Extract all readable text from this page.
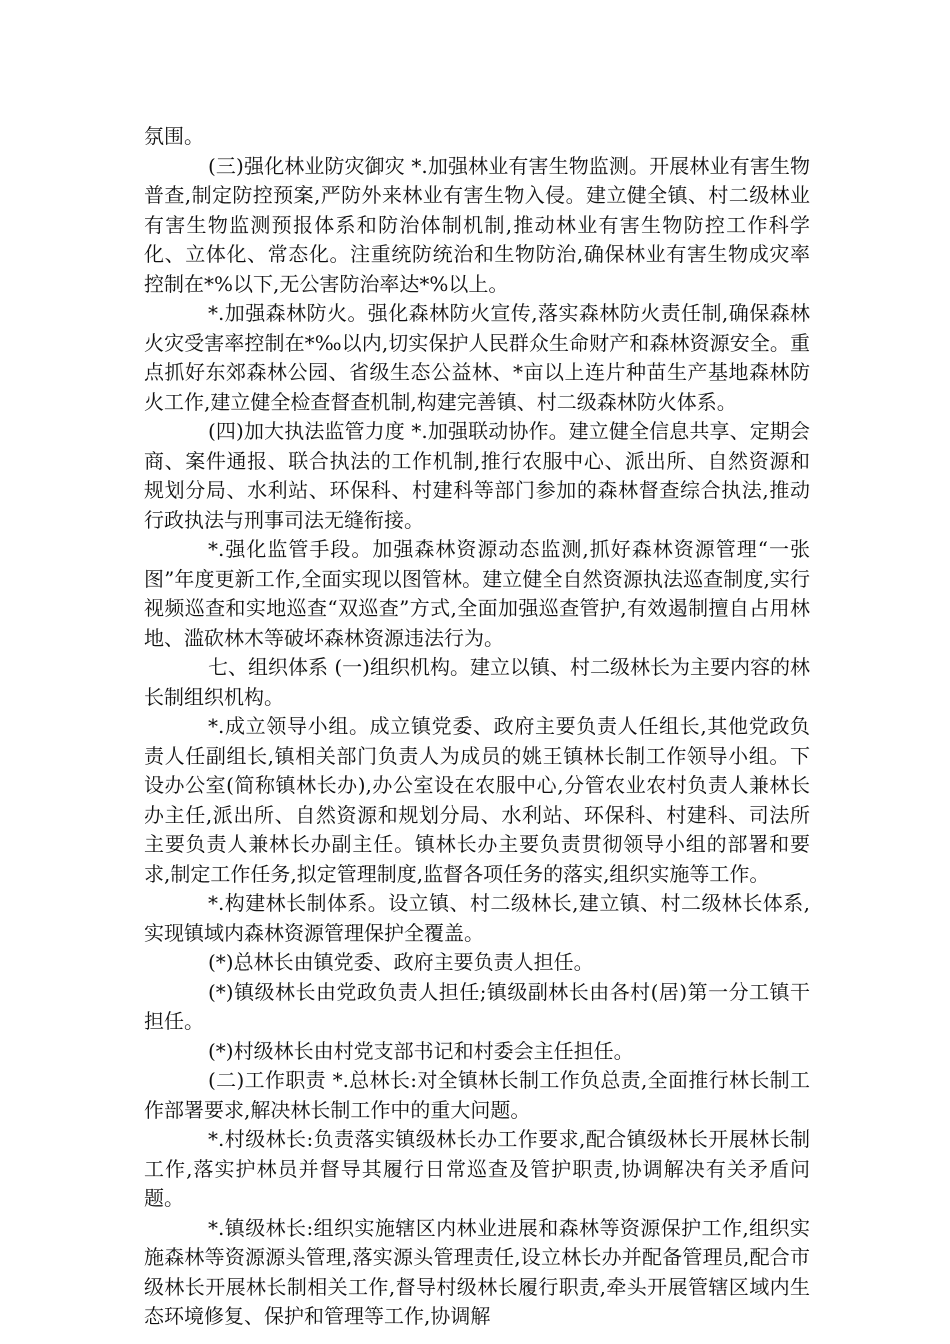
氛围。

(三)强化林业防灾御灾 *.加强林业有害生物监测。开展林业有害生物普查,制定防控预案,严防外来林业有害生物入侵。建立健全镇、村二级林业有害生物监测预报体系和防治体制机制,推动林业有害生物防控工作科学化、立体化、常态化。注重统防统治和生物防治,确保林业有害生物成灾率控制在*%以下,无公害防治率达*%以上。

*.加强森林防火。强化森林防火宣传,落实森林防火责任制,确保森林火灾受害率控制在*‰以内,切实保护人民群众生命财产和森林资源安全。重点抓好东郊森林公园、省级生态公益林、*亩以上连片种苗生产基地森林防火工作,建立健全检查督查机制,构建完善镇、村二级森林防火体系。

(四)加大执法监管力度 *.加强联动协作。建立健全信息共享、定期会商、案件通报、联合执法的工作机制,推行农服中心、派出所、自然资源和规划分局、水利站、环保科、村建科等部门参加的森林督查综合执法,推动行政执法与刑事司法无缝衔接。

*.强化监管手段。加强森林资源动态监测,抓好森林资源管理“一张图”年度更新工作,全面实现以图管林。建立健全自然资源执法巡查制度,实行视频巡查和实地巡查“双巡查”方式,全面加强巡查管护,有效遏制擅自占用林地、滥砍林木等破坏森林资源违法行为。

七、组织体系 (一)组织机构。建立以镇、村二级林长为主要内容的林长制组织机构。

*.成立领导小组。成立镇党委、政府主要负责人任组长,其他党政负责人任副组长,镇相关部门负责人为成员的姚王镇林长制工作领导小组。下设办公室(简称镇林长办),办公室设在农服中心,分管农业农村负责人兼林长办主任,派出所、自然资源和规划分局、水利站、环保科、村建科、司法所主要负责人兼林长办副主任。镇林长办主要负责贯彻领导小组的部署和要求,制定工作任务,拟定管理制度,监督各项任务的落实,组织实施等工作。

*.构建林长制体系。设立镇、村二级林长,建立镇、村二级林长体系,实现镇域内森林资源管理保护全覆盖。

(*)总林长由镇党委、政府主要负责人担任。

(*)镇级林长由党政负责人担任;镇级副林长由各村(居)第一分工镇干担任。

(*)村级林长由村党支部书记和村委会主任担任。

(二)工作职责 *.总林长:对全镇林长制工作负总责,全面推行林长制工作部署要求,解决林长制工作中的重大问题。

*.村级林长:负责落实镇级林长办工作要求,配合镇级林长开展林长制工作,落实护林员并督导其履行日常巡查及管护职责,协调解决有关矛盾问题。

*.镇级林长:组织实施辖区内林业进展和森林等资源保护工作,组织实施森林等资源源头管理,落实源头管理责任,设立林长办并配备管理员,配合市级林长开展林长制相关工作,督导村级林长履行职责,牵头开展管辖区域内生态环境修复、保护和管理等工作,协调解
